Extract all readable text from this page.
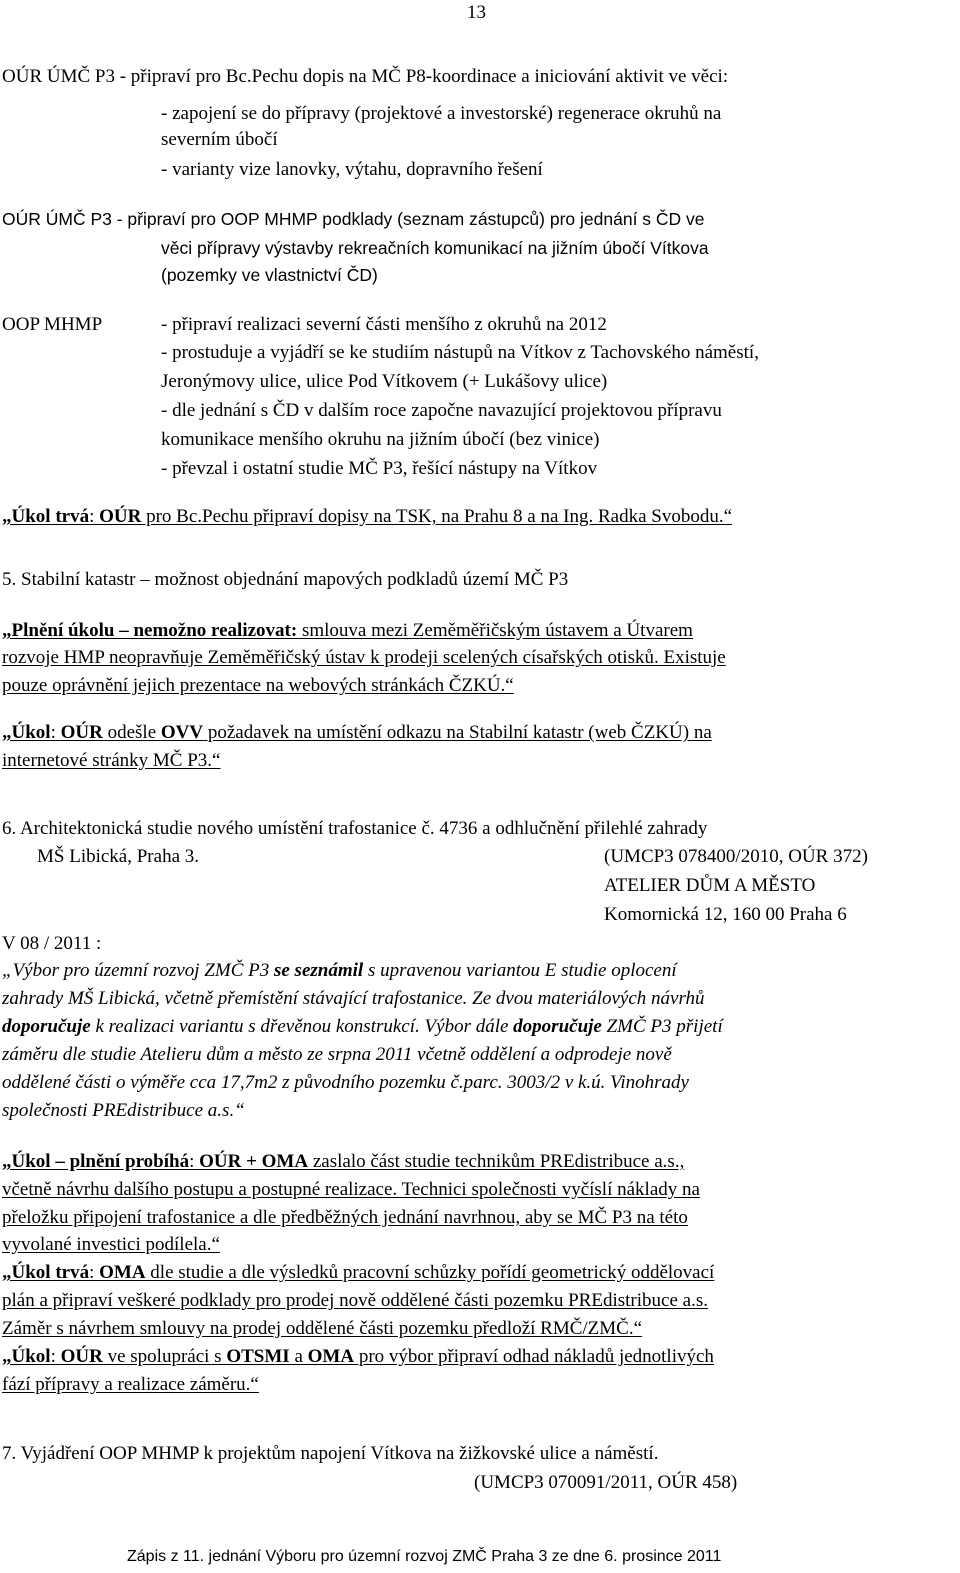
13
OÚR ÚMČ P3 - připraví pro Bc.Pechu dopis na MČ P8-koordinace a iniciování aktivit ve věci:
- zapojení se do přípravy (projektové a investorské) regenerace okruhů na
severním úbočí
- varianty vize lanovky, výtahu, dopravního řešení
OÚR ÚMČ P3 - připraví pro OOP MHMP podklady (seznam zástupců) pro jednání s ČD ve
věci přípravy výstavby rekreačních komunikací na jižním úbočí Vítkova
(pozemky ve vlastnictví ČD)
OOP MHMP	- připraví realizaci severní části menšího z okruhů na 2012
- prostuduje a vyjádří se ke studiím nástupů na Vítkov z Tachovského náměstí,
Jeronýmovy ulice, ulice Pod Vítkovem (+ Lukášovy ulice)
- dle jednání s ČD v dalším roce započne navazující projektovou přípravu
komunikace menšího okruhu na jižním úbočí (bez vinice)
- převzal i ostatní studie MČ P3, řešící nástupy na Vítkov
„Úkol trvá: OÚR pro Bc.Pechu připraví dopisy na TSK, na Prahu 8 a na Ing. Radka Svobodu.“
5. Stabilní katastr – možnost objednání mapových podkladů území MČ P3
„Plnění úkolu – nemožno realizovat: smlouva mezi Zeměměřičským ústavem a Útvarem
rozvoje HMP neopravňuje Zeměměřičský ústav k prodeji scelených císařských otisků. Existuje
pouze oprávnění jejich prezentace na webových stránkách ČZKÚ.“
„Úkol: OÚR odešle OVV požadavek na umístění odkazu na Stabilní katastr (web ČZKÚ) na
internetové stránky MČ P3.“
6. Architektonická studie nového umístění trafostanice č. 4736 a odhlučnění přilehlé zahrady
MŠ Libická, Praha 3.	(UMCP3 078400/2010, OÚR 372)
ATELIER DŮM A MĚSTO
Komornická 12, 160 00 Praha 6
V 08 / 2011 :
„Výbor pro územní rozvoj ZMČ P3 se seznámil s upravenou variantou E studie oplocení
zahrady MŠ Libická, včetně přemístění stávající trafostanice. Ze dvou materiálových návrhů
doporučuje k realizaci variantu s dřevěnou konstrukcí. Výbor dále doporučuje ZMČ P3 přijetí
záměru dle studie Atelieru dům a město ze srpna 2011 včetně oddělení a odprodeje nově
oddělené části o výměře cca 17,7m2 z původního pozemku č.parc. 3003/2 v k.ú. Vinohrady
společnosti PREdistribuce a.s.“
„Úkol – plnění probíhá: OÚR + OMA zaslalo část studie technikům PREdistribuce a.s.,
včetně návrhu dalšího postupu a postupné realizace. Technici společnosti vyčíslí náklady na
přeložku připojení trafostanice a dle předběžných jednání navrhnou, aby se MČ P3 na této
vyvolané investici podílela.“
„Úkol trvá: OMA dle studie a dle výsledků pracovní schůzky pořídí geometrický oddělovací
plán a připraví veškeré podklady pro prodej nově oddělené části pozemku PREdistribuce a.s.
Záměr s návrhem smlouvy na prodej oddělené části pozemku předloží RMČ/ZMČ.“
„Úkol: OÚR ve spolupráci s OTSMI a OMA pro výbor připraví odhad nákladů jednotlivých
fází přípravy a realizace záměru.“
7. Vyjádření OOP MHMP k projektům napojení Vítkova na žižkovské ulice a náměstí.
(UMCP3 070091/2011, OÚR 458)
Zápis z 11. jednání Výboru pro územní rozvoj ZMČ Praha 3 ze dne 6. prosince 2011
